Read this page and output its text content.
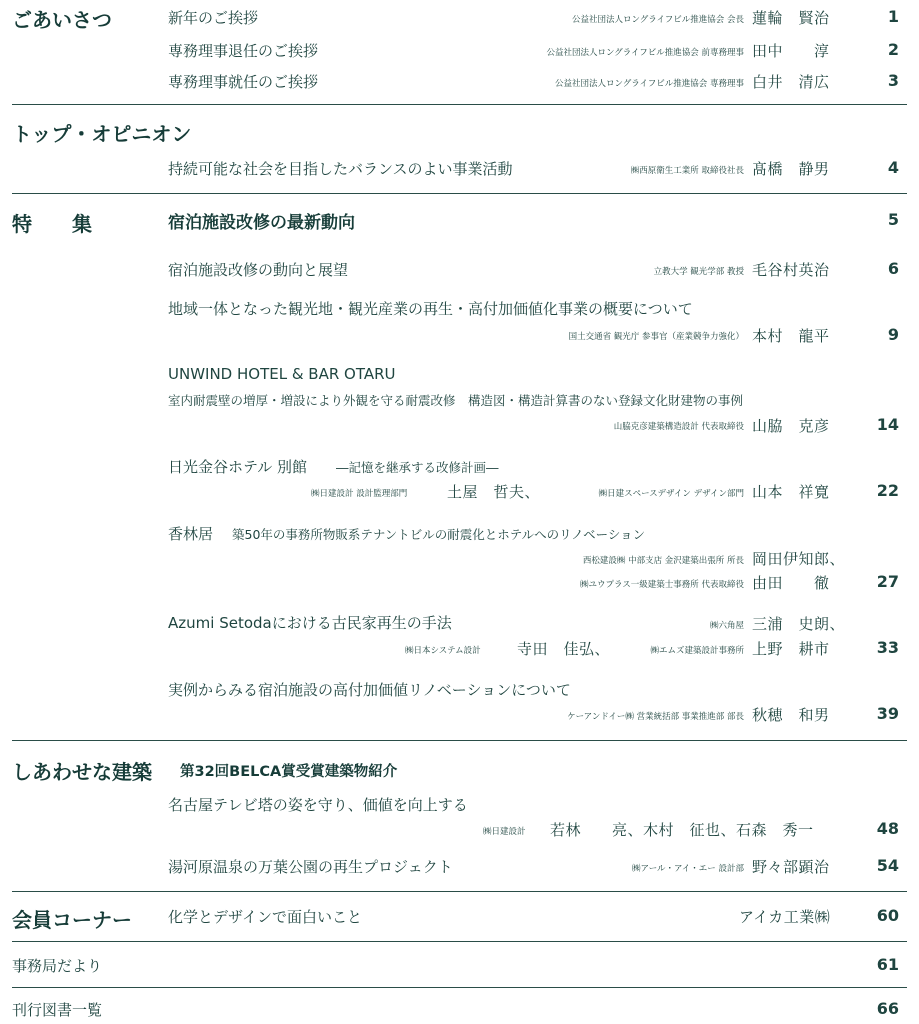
ごあいさつ	新年のご挨拶	公益社団法人ロングライフビル推進協会 会長 蓮輪　賢治	1
専務理事退任のご挨拶	公益社団法人ロングライフビル推進協会 前専務理事 田中　　淳	2
専務理事就任のご挨拶	公益社団法人ロングライフビル推進協会 専務理事 白井　清広	3
トップ・オピニオン
持続可能な社会を目指したバランスのよい事業活動	㈱西原衛生工業所 取締役社長 髙橋　静男	4
特　　集	宿泊施設改修の最新動向	5
宿泊施設改修の動向と展望	立教大学 観光学部 教授 毛谷村英治	6
地域一体となった観光地・観光産業の再生・高付加価値化事業の概要について
国土交通省 観光庁 参事官（産業競争力強化） 本村　龍平	9
UNWIND HOTEL & BAR OTARU
室内耐震壁の増厚・増設により外観を守る耐震改修　構造図・構造計算書のない登録文化財建物の事例
山脇克彦建築構造設計 代表取締役 山脇　克彦	14
日光金谷ホテル 別館 ―記憶を継承する改修計画―
㈱日建設計 設計監理部門	土屋　哲夫、	㈱日建スペースデザイン デザイン部門 山本　祥寛	22
香林居 築50年の事務所物販系テナントビルの耐震化とホテルへのリノベーション
西松建設㈱ 中部支店 金沢建築出張所 所長 岡田伊知郎、
㈱ユウプラス一級建築士事務所 代表取締役 由田　　徹	27
Azumi Setodaにおける古民家再生の手法	㈱六角屋 三浦　史朗、
㈱日本システム設計 寺田　佳弘、	㈱エムズ建築設計事務所 上野　耕市	33
実例からみる宿泊施設の高付加価値リノベーションについて
ケーアンドイー㈱ 営業統括部 事業推進部 部長 秋穂　和男	39
しあわせな建築 第32回BELCA賞受賞建築物紹介
名古屋テレビ塔の姿を守り、価値を向上する
㈱日建設計 若林　　亮、木村　征也、石森　秀一	48
湯河原温泉の万葉公園の再生プロジェクト	㈱アール・アイ・エー 設計部 野々部顕治	54
会員コーナー 化学とデザインで面白いこと	アイカ工業㈱	60
事務局だより	61
刊行図書一覧	66
